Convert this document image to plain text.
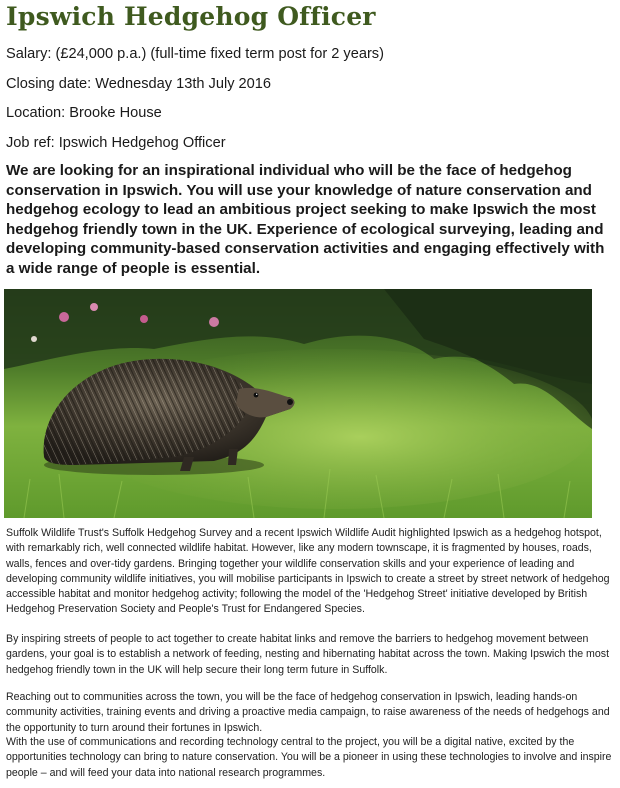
Ipswich Hedgehog Officer

Salary: (£24,000 p.a.) (full-time fixed term post for 2 years)

Closing date: Wednesday 13th July 2016

Location: Brooke House

Job ref: Ipswich Hedgehog Officer

We are looking for an inspirational individual who will be the face of hedgehog conservation in Ipswich. You will use your knowledge of nature conservation and hedgehog ecology to lead an ambitious project seeking to make Ipswich the most hedgehog friendly town in the UK. Experience of ecological surveying, leading and developing community-based conservation activities and engaging effectively with a wide range of people is essential.

Suffolk Wildlife Trust's Suffolk Hedgehog Survey and a recent Ipswich Wildlife Audit highlighted Ipswich as a hedgehog hotspot, with remarkably rich, well connected wildlife habitat. However, like any modern townscape, it is fragmented by houses, roads, walls, fences and over-tidy gardens. Bringing together your wildlife conservation skills and your experience of leading and developing community wildlife initiatives, you will mobilise participants in Ipswich to create a street by street network of hedgehog accessible habitat and monitor hedgehog activity; following the model of the 'Hedgehog Street' initiative developed by British Hedgehog Preservation Society and People's Trust for Endangered Species.

By inspiring streets of people to act together to create habitat links and remove the barriers to hedgehog movement between gardens, your goal is to establish a network of feeding, nesting and hibernating habitat across the town. Making Ipswich the most hedgehog friendly town in the UK will help secure their long term future in Suffolk.

Reaching out to communities across the town, you will be the face of hedgehog conservation in Ipswich, leading hands-on community activities, training events and driving a proactive media campaign, to raise awareness of the needs of hedgehogs and the opportunity to turn around their fortunes in Ipswich.

With the use of communications and recording technology central to the project, you will be a digital native, excited by the opportunities technology can bring to nature conservation. You will be a pioneer in using these technologies to involve and inspire people – and will feed your data into national research programmes.
